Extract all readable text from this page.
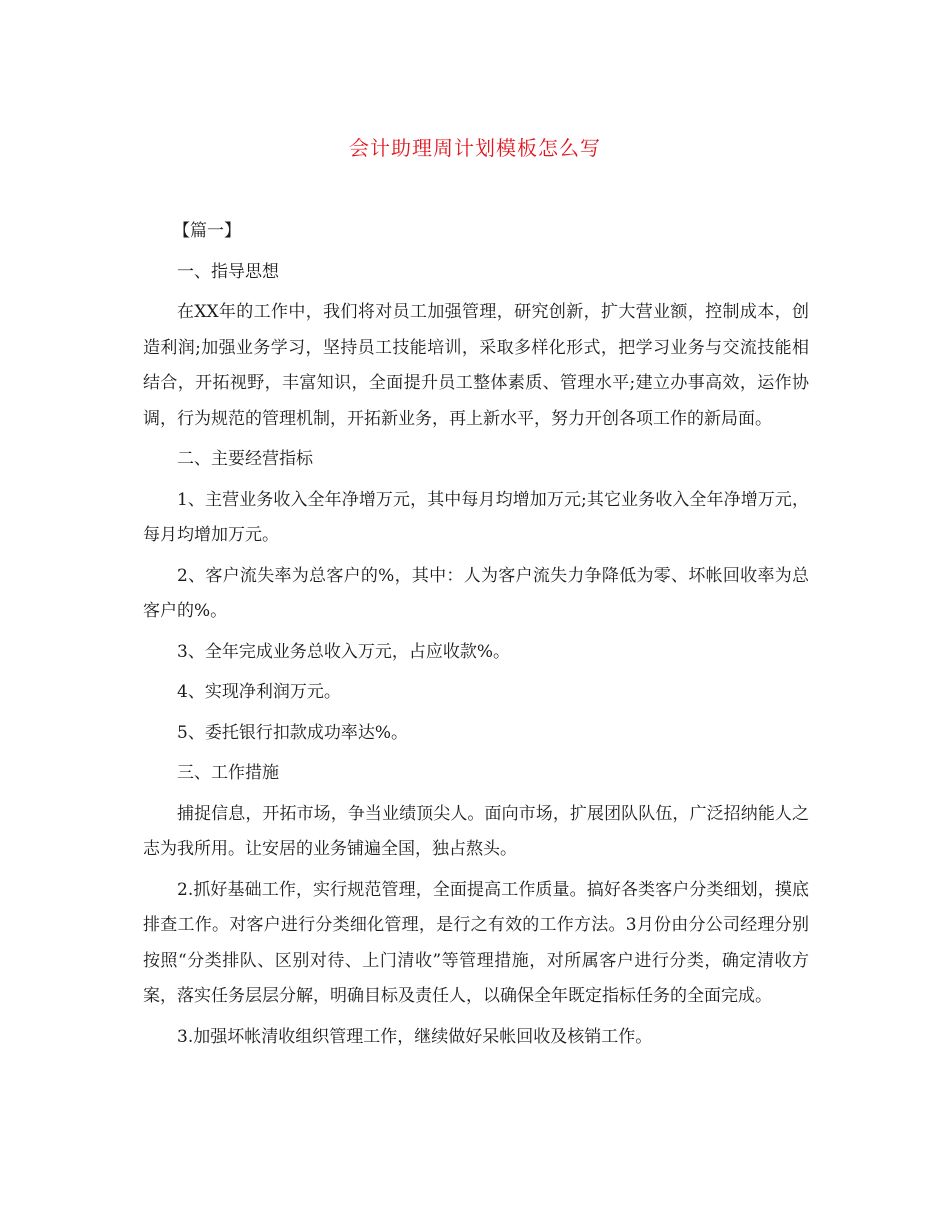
会计助理周计划模板怎么写

【篇一】

一、指导思想

在XX年的工作中，我们将对员工加强管理，研究创新，扩大营业额，控制成本，创造利润;加强业务学习，坚持员工技能培训，采取多样化形式，把学习业务与交流技能相结合，开拓视野，丰富知识，全面提升员工整体素质、管理水平;建立办事高效，运作协调，行为规范的管理机制，开拓新业务，再上新水平，努力开创各项工作的新局面。

二、主要经营指标

1、主营业务收入全年净增万元，其中每月均增加万元;其它业务收入全年净增万元，每月均增加万元。

2、客户流失率为总客户的%，其中：人为客户流失力争降低为零、坏帐回收率为总客户的%。

3、全年完成业务总收入万元，占应收款%。

4、实现净利润万元。

5、委托银行扣款成功率达%。

三、工作措施

捕捉信息，开拓市场，争当业绩顶尖人。面向市场，扩展团队队伍，广泛招纳能人之志为我所用。让安居的业务铺遍全国，独占熬头。

2.抓好基础工作，实行规范管理，全面提高工作质量。搞好各类客户分类细划，摸底排查工作。对客户进行分类细化管理，是行之有效的工作方法。3月份由分公司经理分别按照“分类排队、区别对待、上门清收”等管理措施，对所属客户进行分类，确定清收方案，落实任务层层分解，明确目标及责任人，以确保全年既定指标任务的全面完成。

3.加强坏帐清收组织管理工作，继续做好呆帐回收及核销工作。
